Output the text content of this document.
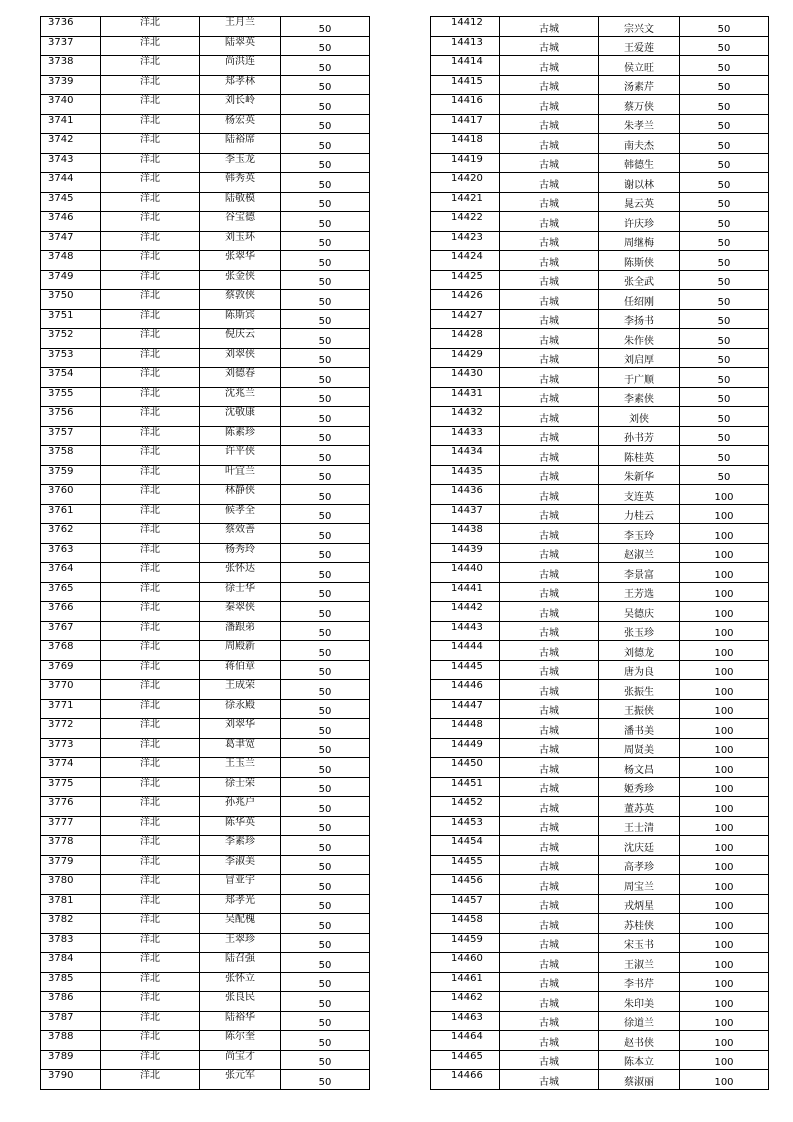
3736	洋北	王月兰	50
3737	洋北	陆翠英	50
3738	洋北	尚洪连	50
3739	洋北	郑孝林	50
3740	洋北	刘长岭	50
3741	洋北	杨宏英	50
3742	洋北	陆裕席	50
3743	洋北	李玉龙	50
3744	洋北	韩秀英	50
3745	洋北	陆敬模	50
3746	洋北	谷宝德	50
3747	洋北	刘玉环	50
3748	洋北	张翠华	50
3749	洋北	张金侠	50
3750	洋北	蔡敦侠	50
3751	洋北	陈斯宾	50
3752	洋北	倪庆云	50
3753	洋北	刘翠侠	50
3754	洋北	刘德春	50
3755	洋北	沈兆兰	50
3756	洋北	沈敬康	50
3757	洋北	陈素珍	50
3758	洋北	许平侠	50
3759	洋北	叶宜兰	50
3760	洋北	林静侠	50
3761	洋北	候孝全	50
3762	洋北	蔡效善	50
3763	洋北	杨秀玲	50
3764	洋北	张怀达	50
3765	洋北	徐士华	50
3766	洋北	秦翠侠	50
3767	洋北	潘跟弟	50
3768	洋北	周殿新	50
3769	洋北	蒋伯章	50
3770	洋北	王成荣	50
3771	洋北	徐永殿	50
3772	洋北	刘翠华	50
3773	洋北	葛聿宽	50
3774	洋北	王玉兰	50
3775	洋北	徐士荣	50
3776	洋北	孙兆户	50
3777	洋北	陈华英	50
3778	洋北	李素珍	50
3779	洋北	李淑美	50
3780	洋北	冒亚宇	50
3781	洋北	郑孝光	50
3782	洋北	吴配槐	50
3783	洋北	王翠珍	50
3784	洋北	陆召强	50
3785	洋北	张怀立	50
3786	洋北	张良民	50
3787	洋北	陆裕华	50
3788	洋北	陈尔奎	50
3789	洋北	尚宝才	50
3790	洋北	张元军	50
14412	古城	宗兴文	50
14413	古城	王爱莲	50
14414	古城	侯立旺	50
14415	古城	汤素芹	50
14416	古城	蔡万侠	50
14417	古城	朱孝兰	50
14418	古城	南夫杰	50
14419	古城	韩德生	50
14420	古城	谢以林	50
14421	古城	晁云英	50
14422	古城	许庆珍	50
14423	古城	周继梅	50
14424	古城	陈斯侠	50
14425	古城	张全武	50
14426	古城	任绍刚	50
14427	古城	李扬书	50
14428	古城	朱作侠	50
14429	古城	刘启厚	50
14430	古城	于广顺	50
14431	古城	李素侠	50
14432	古城	刘侠	50
14433	古城	孙书芳	50
14434	古城	陈桂英	50
14435	古城	朱新华	50
14436	古城	支连英	100
14437	古城	力桂云	100
14438	古城	李玉玲	100
14439	古城	赵淑兰	100
14440	古城	李景富	100
14441	古城	王芳选	100
14442	古城	吴德庆	100
14443	古城	张玉珍	100
14444	古城	刘德龙	100
14445	古城	唐为良	100
14446	古城	张振生	100
14447	古城	王振侠	100
14448	古城	潘书美	100
14449	古城	周贤美	100
14450	古城	杨文昌	100
14451	古城	姬秀珍	100
14452	古城	董苏英	100
14453	古城	王士清	100
14454	古城	沈庆廷	100
14455	古城	高孝珍	100
14456	古城	周宝兰	100
14457	古城	戎炳星	100
14458	古城	苏桂侠	100
14459	古城	宋玉书	100
14460	古城	王淑兰	100
14461	古城	李书芹	100
14462	古城	朱印美	100
14463	古城	徐道兰	100
14464	古城	赵书侠	100
14465	古城	陈本立	100
14466	古城	蔡淑丽	100
